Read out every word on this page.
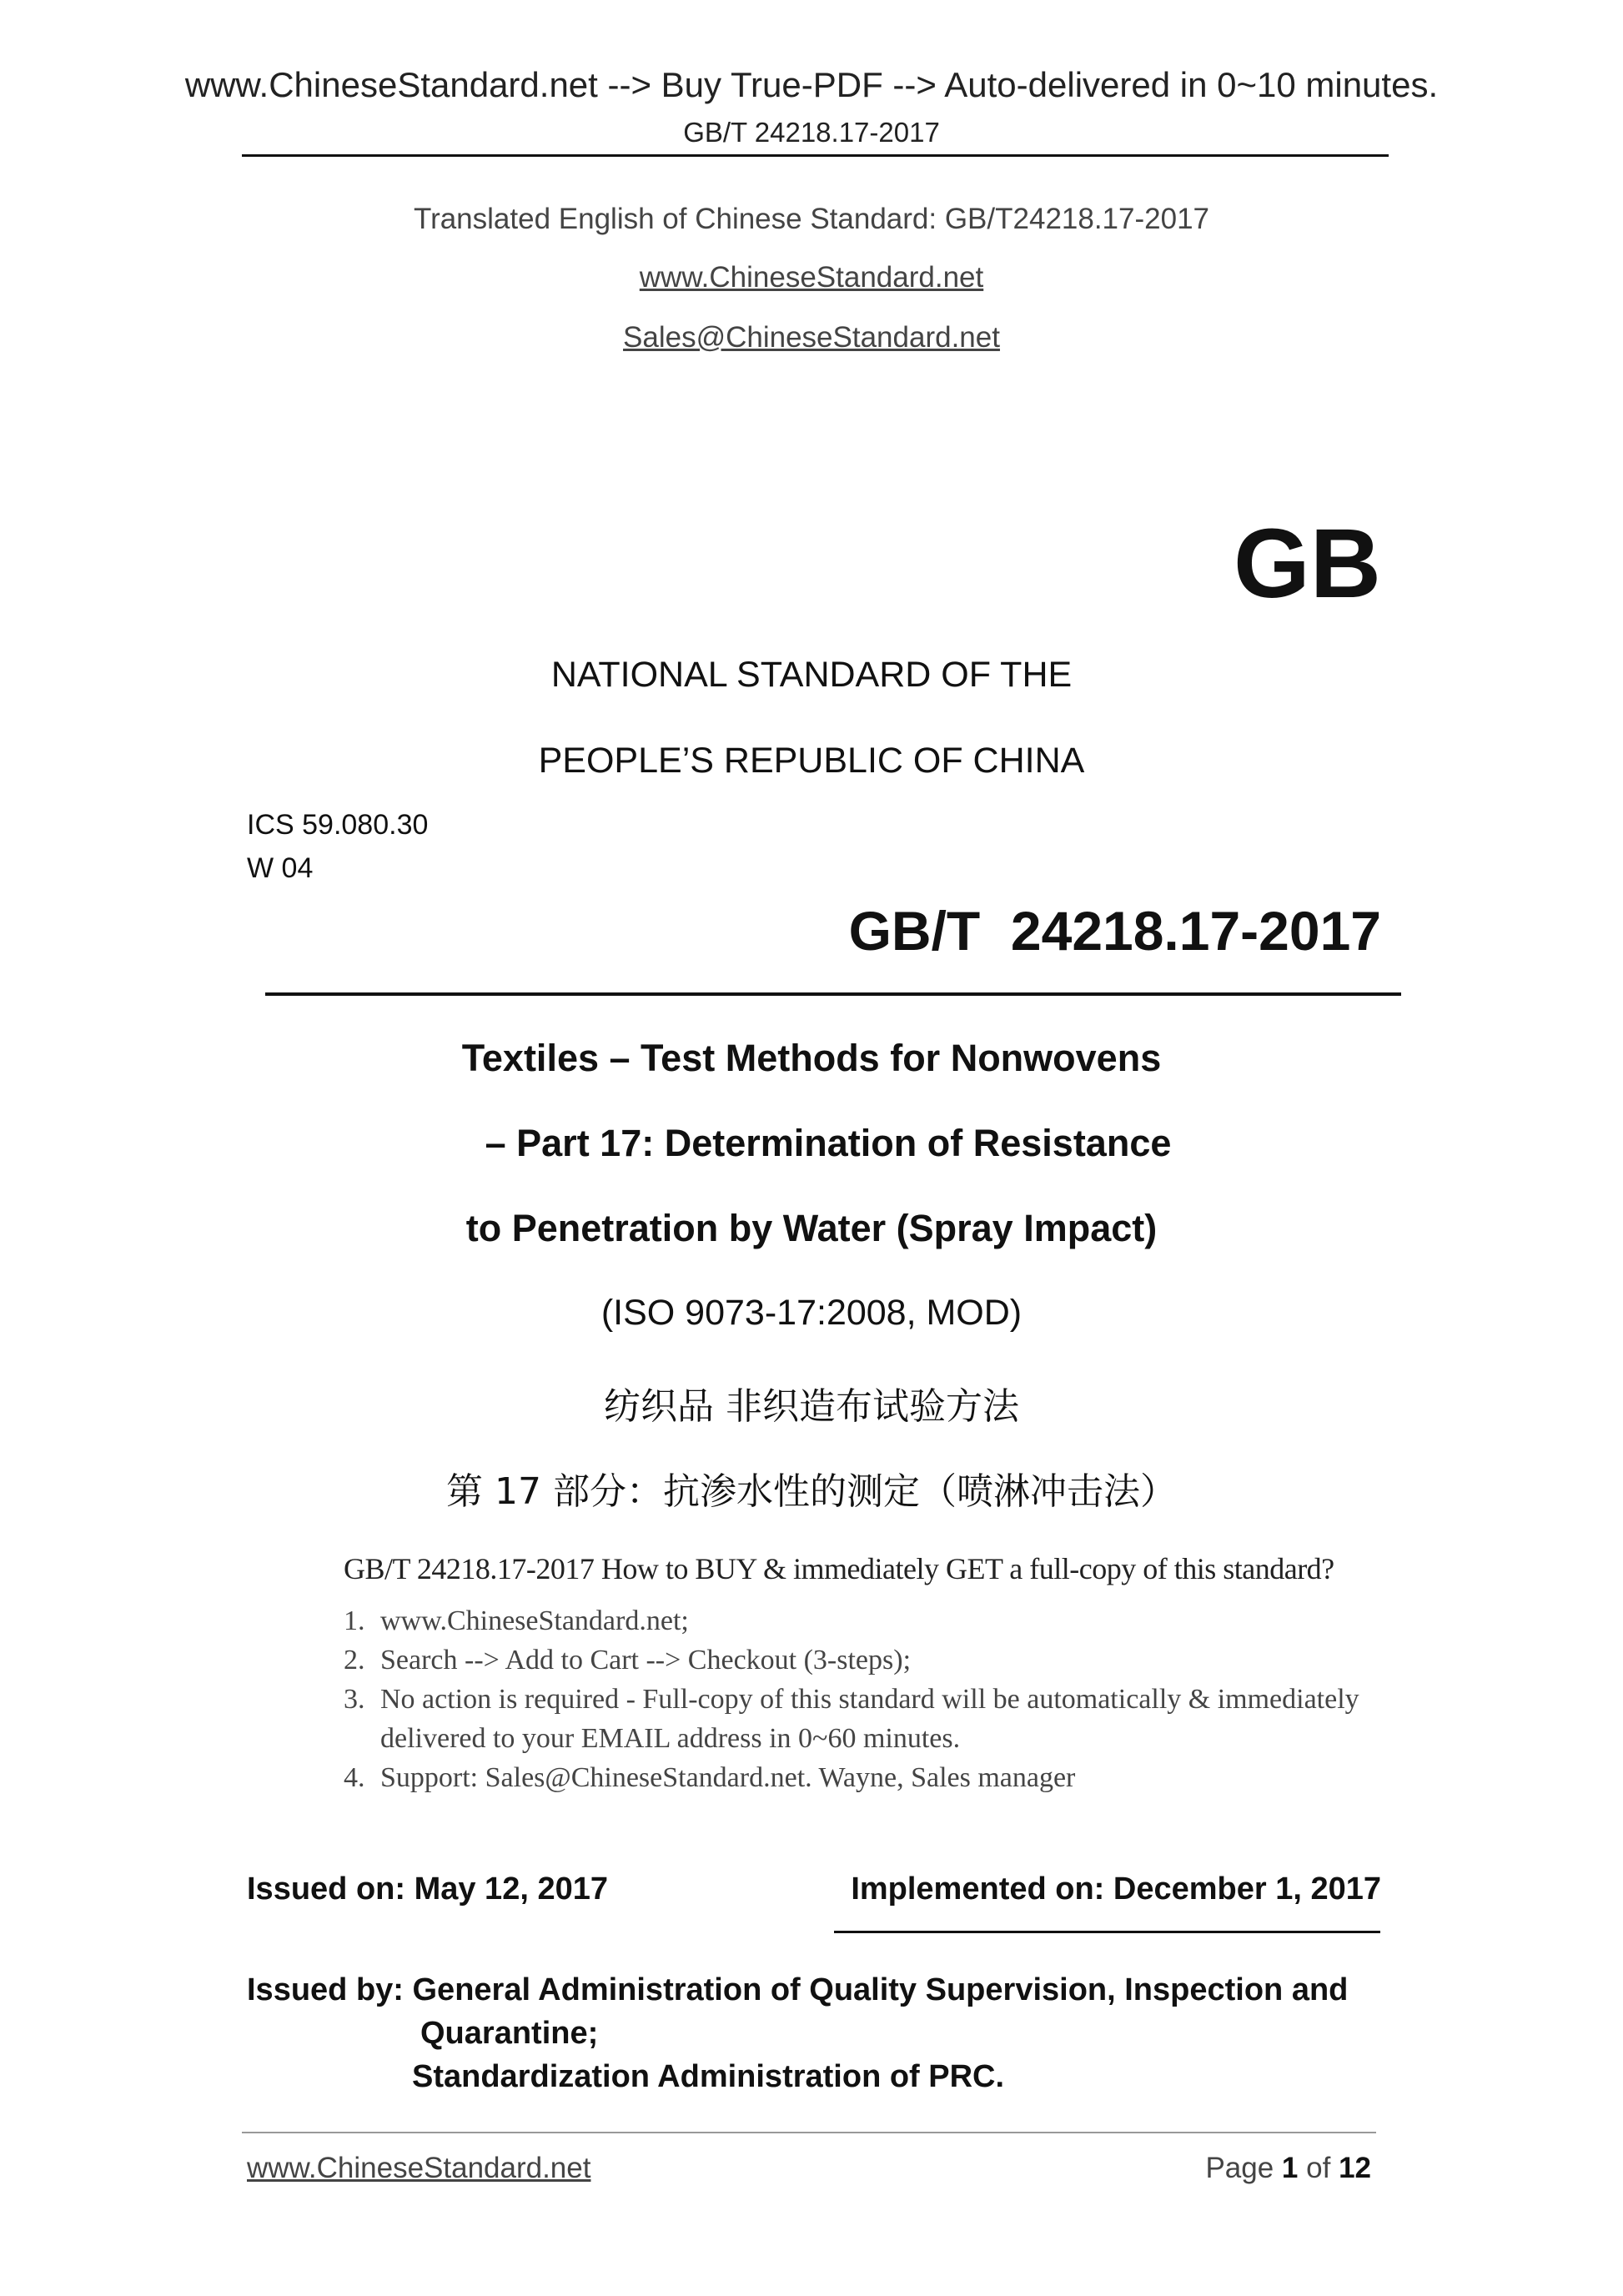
www.ChineseStandard.net --> Buy True-PDF --> Auto-delivered in 0~10 minutes.
GB/T 24218.17-2017
Translated English of Chinese Standard: GB/T24218.17-2017
www.ChineseStandard.net
Sales@ChineseStandard.net
GB
NATIONAL STANDARD OF THE
PEOPLE’S REPUBLIC OF CHINA
ICS 59.080.30
W 04
GB/T  24218.17-2017
Textiles – Test Methods for Nonwovens
– Part 17: Determination of Resistance
to Penetration by Water (Spray Impact)
(ISO 9073-17:2008, MOD)
纺织品 非织造布试验方法
第 17 部分：抗渗水性的测定（喷淋冲击法）
GB/T 24218.17-2017 How to BUY & immediately GET a full-copy of this standard?
1. www.ChineseStandard.net;
2. Search --> Add to Cart --> Checkout (3-steps);
3. No action is required - Full-copy of this standard will be automatically & immediately delivered to your EMAIL address in 0~60 minutes.
4. Support: Sales@ChineseStandard.net. Wayne, Sales manager
Issued on: May 12, 2017	Implemented on: December 1, 2017
Issued by: General Administration of Quality Supervision, Inspection and
Quarantine;
Standardization Administration of PRC.
www.ChineseStandard.net	Page 1 of 12
